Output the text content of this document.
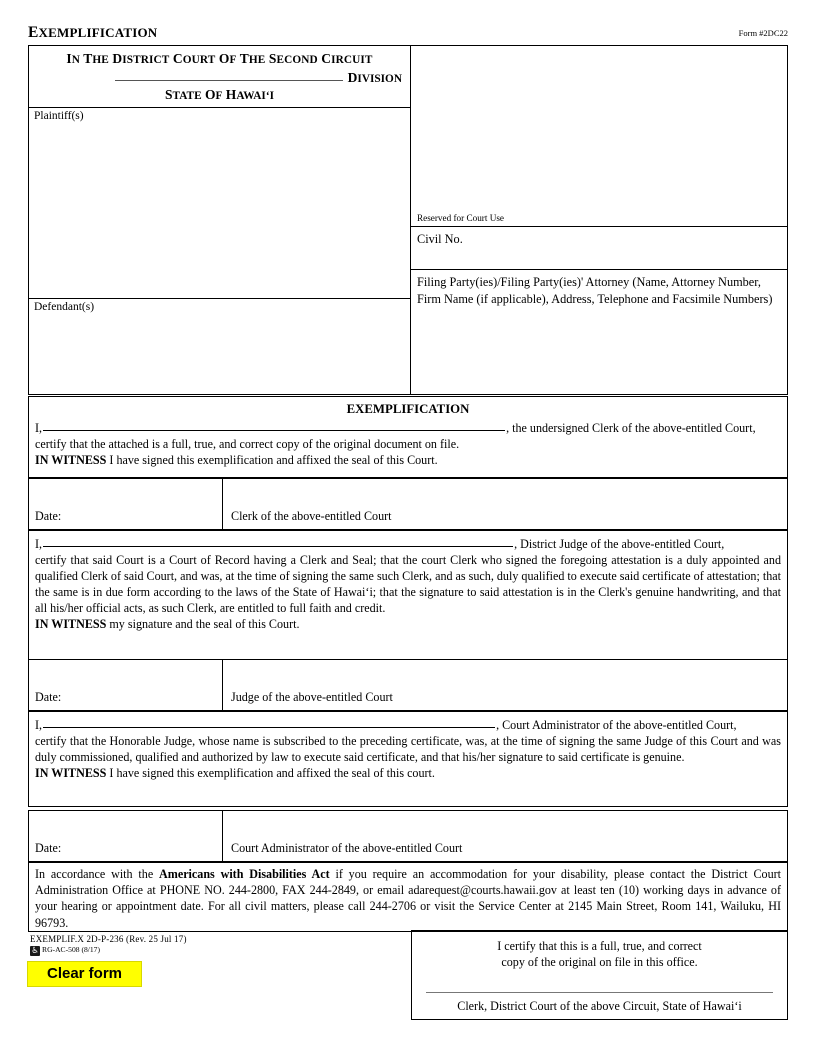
EXEMPLIFICATION	Form #2DC22
IN THE DISTRICT COURT OF THE SECOND CIRCUIT
DIVISION
STATE OF HAWAIʻI
Plaintiff(s)
Defendant(s)
Reserved for Court Use
Civil No.
Filing Party(ies)/Filing Party(ies)' Attorney (Name, Attorney Number, Firm Name (if applicable), Address, Telephone and Facsimile Numbers)
EXEMPLIFICATION
I,	, the undersigned Clerk of the above-entitled Court,
certify that the attached is a full, true, and correct copy of the original document on file.
IN WITNESS I have signed this exemplification and affixed the seal of this Court.
Date:	Clerk of the above-entitled Court
I,	, District Judge of the above-entitled Court,
certify that said Court is a Court of Record having a Clerk and Seal; that the court Clerk who signed the foregoing attestation is a duly appointed and qualified Clerk of said Court, and was, at the time of signing the same such Clerk, and as such, duly qualified to execute said certificate of attestation; that the same is in due form according to the laws of the State of Hawaiʻi; that the signature to said attestation is in the Clerk's genuine handwriting, and that all his/her official acts, as such Clerk, are entitled to full faith and credit.
IN WITNESS my signature and the seal of this Court.
Date:	Judge of the above-entitled Court
I,	, Court Administrator of the above-entitled Court,
certify that the Honorable Judge, whose name is subscribed to the preceding certificate, was, at the time of signing the same Judge of this Court and was duly commissioned, qualified and authorized by law to execute said certificate, and that his/her signature to said certificate is genuine.
IN WITNESS I have signed this exemplification and affixed the seal of this court.
Date:	Court Administrator of the above-entitled Court
In accordance with the Americans with Disabilities Act if you require an accommodation for your disability, please contact the District Court Administration Office at PHONE NO. 244-2800, FAX 244-2849, or email adarequest@courts.hawaii.gov at least ten (10) working days in advance of your hearing or appointment date. For all civil matters, please call 244-2706 or visit the Service Center at 2145 Main Street, Room 141, Wailuku, HI 96793.
EXEMPLIF.X 2D-P-236 (Rev. 25 Jul 17)
♿ RG-AC-508 (8/17)
Clear form
I certify that this is a full, true, and correct
copy of the original on file in this office.
Clerk, District Court of the above Circuit, State of Hawaiʻi
